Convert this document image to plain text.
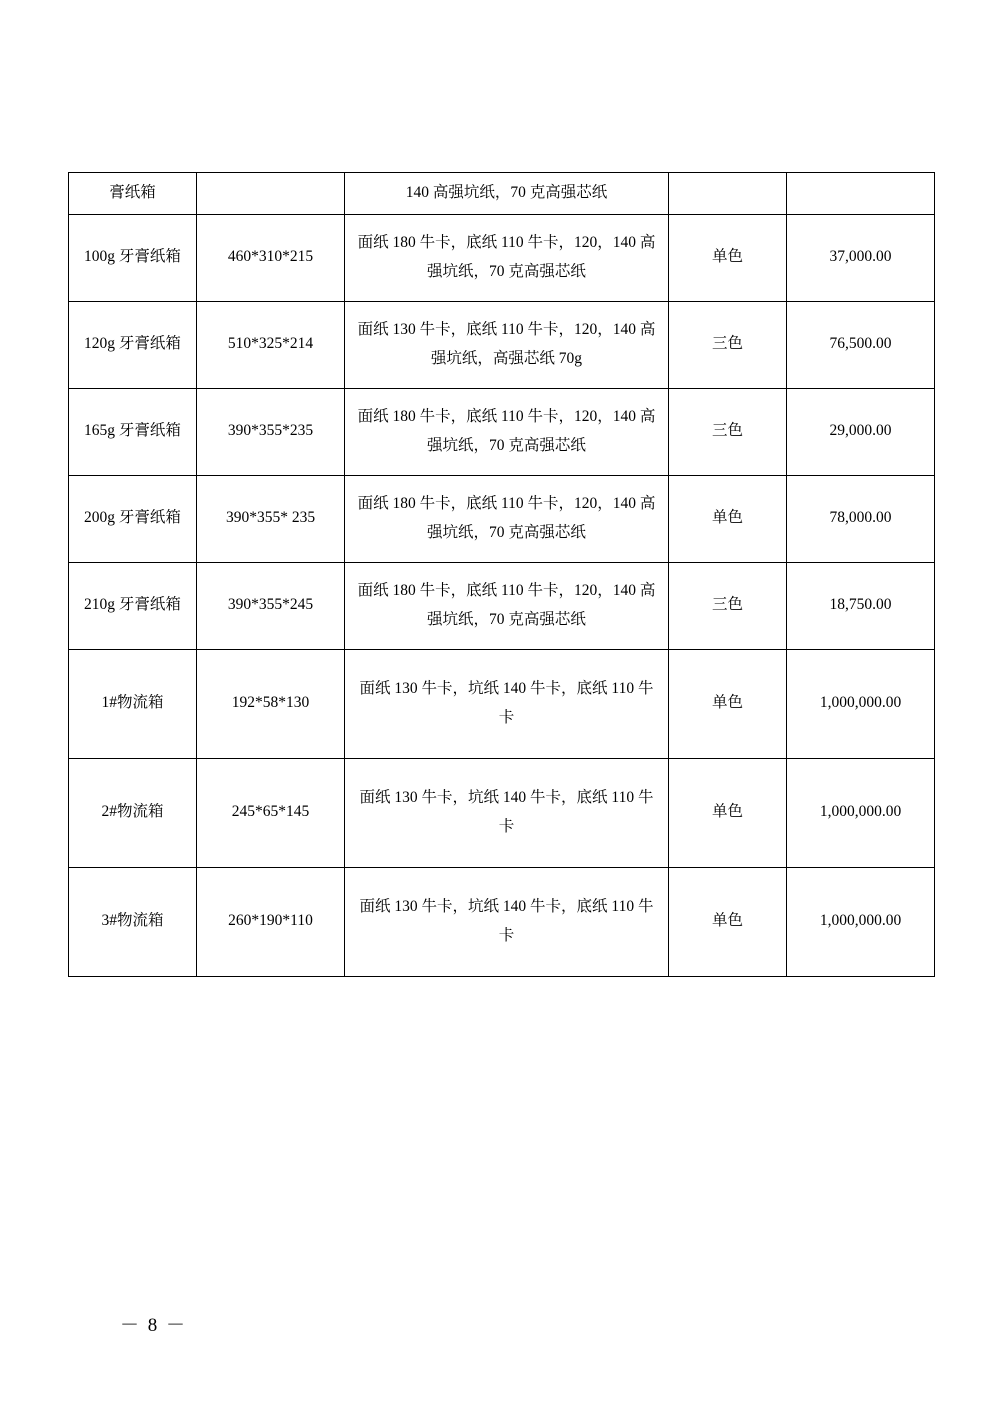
膏纸箱		140 高强坑纸，70 克高强芯纸		
100g 牙膏纸箱	460*310*215	面纸 180 牛卡，底纸 110 牛卡，120，140 高强坑纸，70 克高强芯纸	单色	37,000.00
120g 牙膏纸箱	510*325*214	面纸 130 牛卡，底纸 110 牛卡，120，140 高强坑纸，高强芯纸 70g	三色	76,500.00
165g 牙膏纸箱	390*355*235	面纸 180 牛卡，底纸 110 牛卡，120，140 高强坑纸，70 克高强芯纸	三色	29,000.00
200g 牙膏纸箱	390*355* 235	面纸 180 牛卡，底纸 110 牛卡，120，140 高强坑纸，70 克高强芯纸	单色	78,000.00
210g 牙膏纸箱	390*355*245	面纸 180 牛卡，底纸 110 牛卡，120，140 高强坑纸，70 克高强芯纸	三色	18,750.00
1#物流箱	192*58*130	面纸 130 牛卡，坑纸 140 牛卡，底纸 110 牛卡	单色	1,000,000.00
2#物流箱	245*65*145	面纸 130 牛卡，坑纸 140 牛卡，底纸 110 牛卡	单色	1,000,000.00
3#物流箱	260*190*110	面纸 130 牛卡，坑纸 140 牛卡，底纸 110 牛卡	单色	1,000,000.00
－ 8 －
